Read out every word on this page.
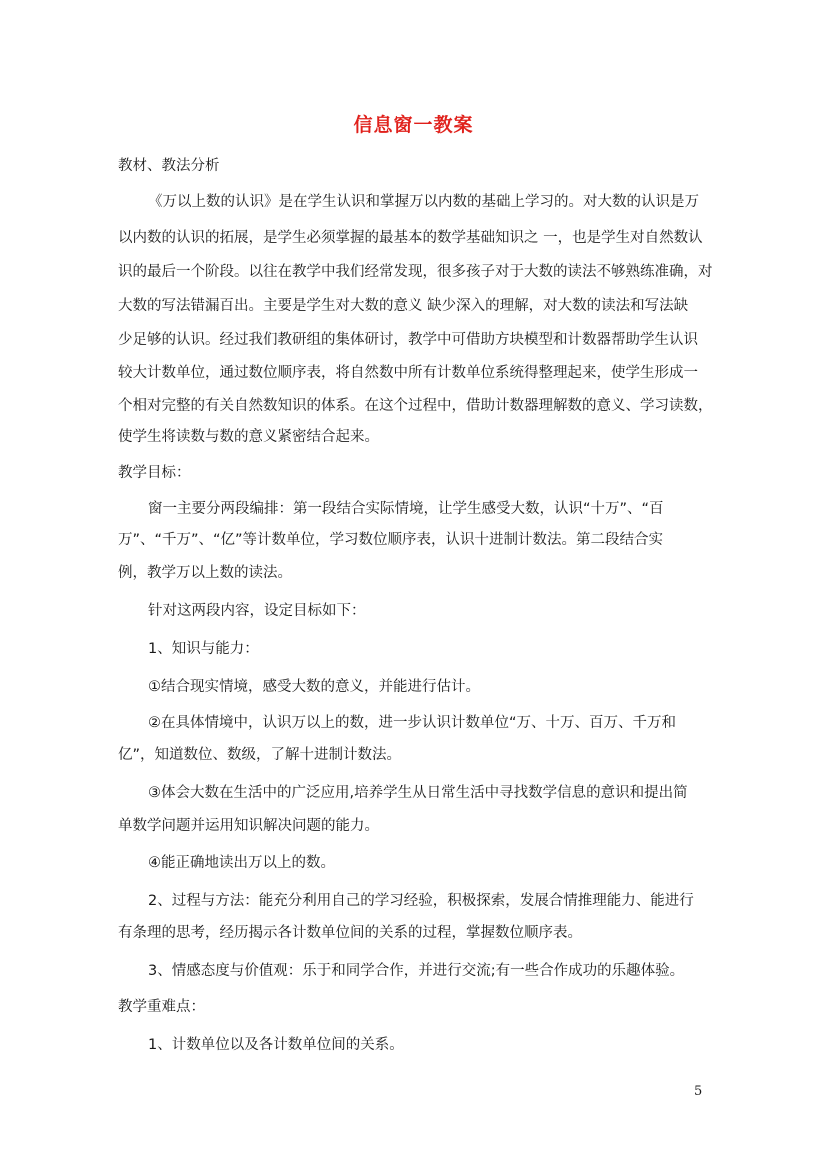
信息窗一教案
教材、教法分析
《万以上数的认识》是在学生认识和掌握万以内数的基础上学习的。对大数的认识是万
以内数的认识的拓展，是学生必须掌握的最基本的数学基础知识之 一，也是学生对自然数认
识的最后一个阶段。以往在教学中我们经常发现，很多孩子对于大数的读法不够熟练准确，对
大数的写法错漏百出。主要是学生对大数的意义 缺少深入的理解，对大数的读法和写法缺
少足够的认识。经过我们教研组的集体研讨，教学中可借助方块模型和计数器帮助学生认识
较大计数单位，通过数位顺序表，将自然数中所有计数单位系统得整理起来，使学生形成一
个相对完整的有关自然数知识的体系。在这个过程中，借助计数器理解数的意义、学习读数，
使学生将读数与数的意义紧密结合起来。
教学目标：
窗一主要分两段编排：第一段结合实际情境，让学生感受大数，认识“十万”、“百
万”、“千万”、“亿”等计数单位，学习数位顺序表，认识十进制计数法。第二段结合实
例，教学万以上数的读法。
针对这两段内容，设定目标如下：
1、知识与能力：
①结合现实情境，感受大数的意义，并能进行估计。
②在具体情境中，认识万以上的数，进一步认识计数单位“万、十万、百万、千万和
亿”，知道数位、数级，了解十进制计数法。
③体会大数在生活中的广泛应用,培养学生从日常生活中寻找数学信息的意识和提出简
单数学问题并运用知识解决问题的能力。
④能正确地读出万以上的数。
2、过程与方法：能充分利用自己的学习经验，积极探索，发展合情推理能力、能进行
有条理的思考，经历揭示各计数单位间的关系的过程，掌握数位顺序表。
3、情感态度与价值观：乐于和同学合作，并进行交流;有一些合作成功的乐趣体验。
教学重难点：
1、计数单位以及各计数单位间的关系。
5
